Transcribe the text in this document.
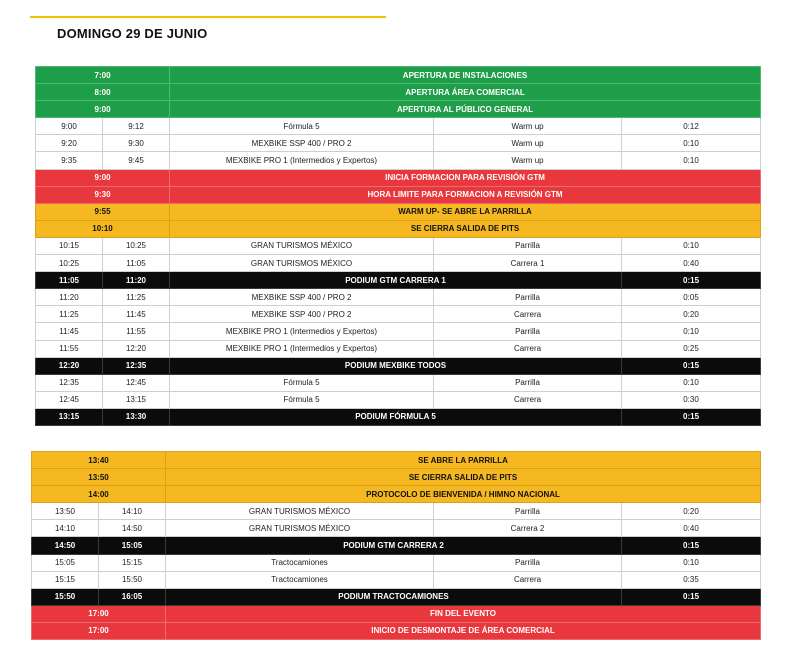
DOMINGO 29 DE JUNIO
7:00		APERTURA DE INSTALACIONES		
8:00		APERTURA ÁREA COMERCIAL		
9:00		APERTURA AL PÚBLICO GENERAL		
9:00	9:12	Fórmula 5	Warm up	0:12
9:20	9:30	MEXBIKE SSP 400 / PRO 2	Warm up	0:10
9:35	9:45	MEXBIKE PRO 1 (Intermedios y Expertos)	Warm up	0:10
9:00		INICIA FORMACION PARA REVISIÓN GTM		
9:30		HORA LIMITE PARA FORMACION A REVISIÓN GTM		
9:55		WARM UP- SE ABRE LA PARRILLA		
10:10		SE CIERRA SALIDA DE PITS		
10:15	10:25	GRAN TURISMOS MÉXICO	Parrilla	0:10
10:25	11:05	GRAN TURISMOS MÉXICO	Carrera 1	0:40
11:05	11:20	PODIUM GTM CARRERA 1		0:15
11:20	11:25	MEXBIKE SSP 400 / PRO 2	Parrilla	0:05
11:25	11:45	MEXBIKE SSP 400 / PRO 2	Carrera	0:20
11:45	11:55	MEXBIKE PRO 1 (Intermedios y Expertos)	Parrilla	0:10
11:55	12:20	MEXBIKE PRO 1 (Intermedios y Expertos)	Carrera	0:25
12:20	12:35	PODIUM MEXBIKE TODOS		0:15
12:35	12:45	Fórmula 5	Parrilla	0:10
12:45	13:15	Fórmula 5	Carrera	0:30
13:15	13:30	PODIUM FÓRMULA 5		0:15
13:40		SE ABRE LA PARRILLA		
13:50		SE CIERRA SALIDA DE PITS		
14:00		PROTOCOLO DE BIENVENIDA / HIMNO NACIONAL		
13:50	14:10	GRAN TURISMOS MÉXICO	Parrilla	0:20
14:10	14:50	GRAN TURISMOS MÉXICO	Carrera 2	0:40
14:50	15:05	PODIUM GTM CARRERA 2		0:15
15:05	15:15	Tractocamiones	Parrilla	0:10
15:15	15:50	Tractocamiones	Carrera	0:35
15:50	16:05	PODIUM TRACTOCAMIONES		0:15
17:00		FIN DEL EVENTO		
17:00		INICIO DE DESMONTAJE DE ÁREA COMERCIAL		
